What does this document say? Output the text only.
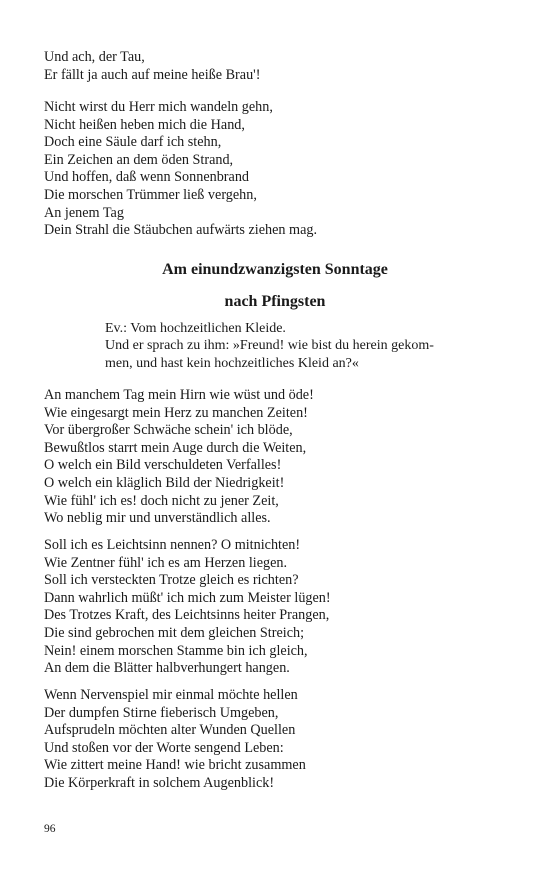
Und ach, der Tau,
Er fällt ja auch auf meine heiße Brau'!
Nicht wirst du Herr mich wandeln gehn,
Nicht heißen heben mich die Hand,
Doch eine Säule darf ich stehn,
Ein Zeichen an dem öden Strand,
Und hoffen, daß wenn Sonnenbrand
Die morschen Trümmer ließ vergehn,
An jenem Tag
Dein Strahl die Stäubchen aufwärts ziehen mag.
Am einundzwanzigsten Sonntage
nach Pfingsten
Ev.: Vom hochzeitlichen Kleide.
Und er sprach zu ihm: »Freund! wie bist du herein gekom-
men, und hast kein hochzeitliches Kleid an?«
An manchem Tag mein Hirn wie wüst und öde!
Wie eingesargt mein Herz zu manchen Zeiten!
Vor übergroßer Schwäche schein' ich blöde,
Bewußtlos starrt mein Auge durch die Weiten,
O welch ein Bild verschuldeten Verfalles!
O welch ein kläglich Bild der Niedrigkeit!
Wie fühl' ich es! doch nicht zu jener Zeit,
Wo neblig mir und unverständlich alles.
Soll ich es Leichtsinn nennen? O mitnichten!
Wie Zentner fühl' ich es am Herzen liegen.
Soll ich versteckten Trotze gleich es richten?
Dann wahrlich müßt' ich mich zum Meister lügen!
Des Trotzes Kraft, des Leichtsinns heiter Prangen,
Die sind gebrochen mit dem gleichen Streich;
Nein! einem morschen Stamme bin ich gleich,
An dem die Blätter halbverhungert hangen.
Wenn Nervenspiel mir einmal möchte hellen
Der dumpfen Stirne fieberisch Umgeben,
Aufsprudeln möchten alter Wunden Quellen
Und stoßen vor der Worte sengend Leben:
Wie zittert meine Hand! wie bricht zusammen
Die Körperkraft in solchem Augenblick!
96
